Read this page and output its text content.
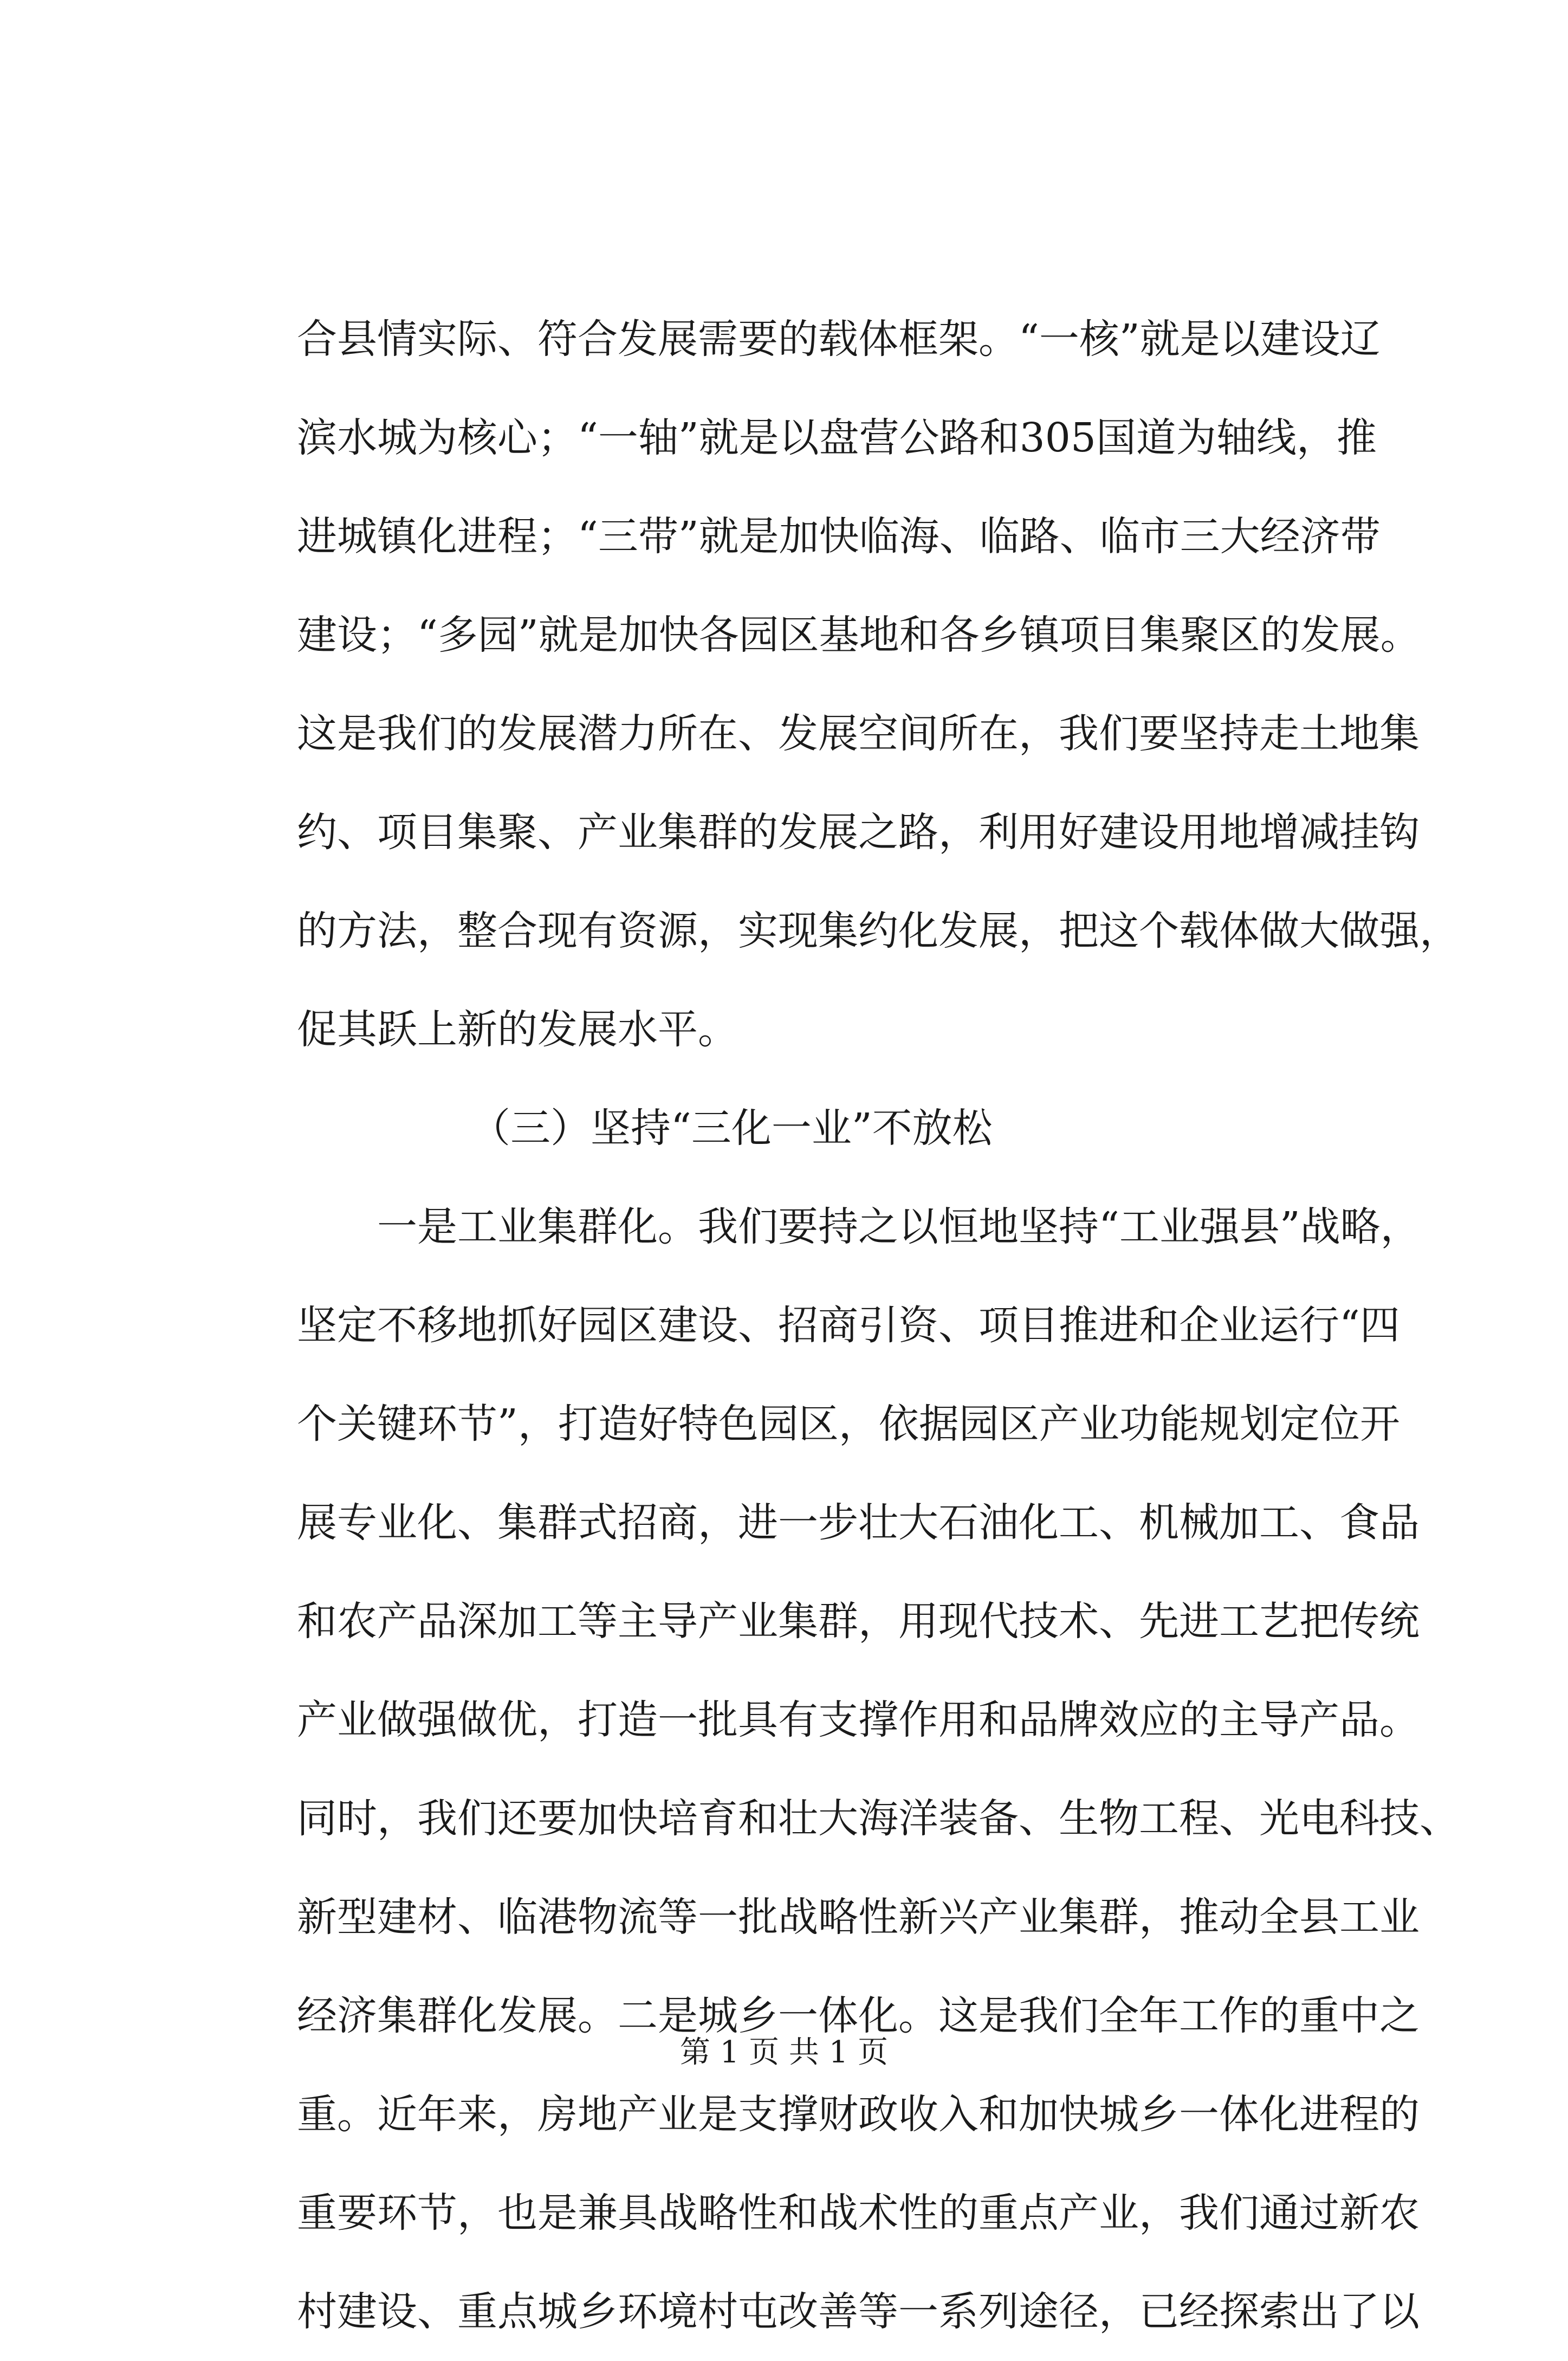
合县情实际、符合发展需要的载体框架。“一核”就是以建设辽
滨水城为核心；“一轴”就是以盘营公路和305国道为轴线，推
进城镇化进程；“三带”就是加快临海、临路、临市三大经济带
建设；“多园”就是加快各园区基地和各乡镇项目集聚区的发展。
这是我们的发展潜力所在、发展空间所在，我们要坚持走土地集
约、项目集聚、产业集群的发展之路，利用好建设用地增减挂钩
的方法，整合现有资源，实现集约化发展，把这个载体做大做强，
促其跃上新的发展水平。
（三）坚持“三化一业”不放松
一是工业集群化。我们要持之以恒地坚持“工业强县”战略，
坚定不移地抓好园区建设、招商引资、项目推进和企业运行“四
个关键环节”，打造好特色园区，依据园区产业功能规划定位开
展专业化、集群式招商，进一步壮大石油化工、机械加工、食品
和农产品深加工等主导产业集群，用现代技术、先进工艺把传统
产业做强做优，打造一批具有支撑作用和品牌效应的主导产品。
同时，我们还要加快培育和壮大海洋装备、生物工程、光电科技、
新型建材、临港物流等一批战略性新兴产业集群，推动全县工业
经济集群化发展。二是城乡一体化。这是我们全年工作的重中之
重。近年来，房地产业是支撑财政收入和加快城乡一体化进程的
重要环节，也是兼具战略性和战术性的重点产业，我们通过新农
村建设、重点城乡环境村屯改善等一系列途径，已经探索出了以
第 1 页 共 1 页
